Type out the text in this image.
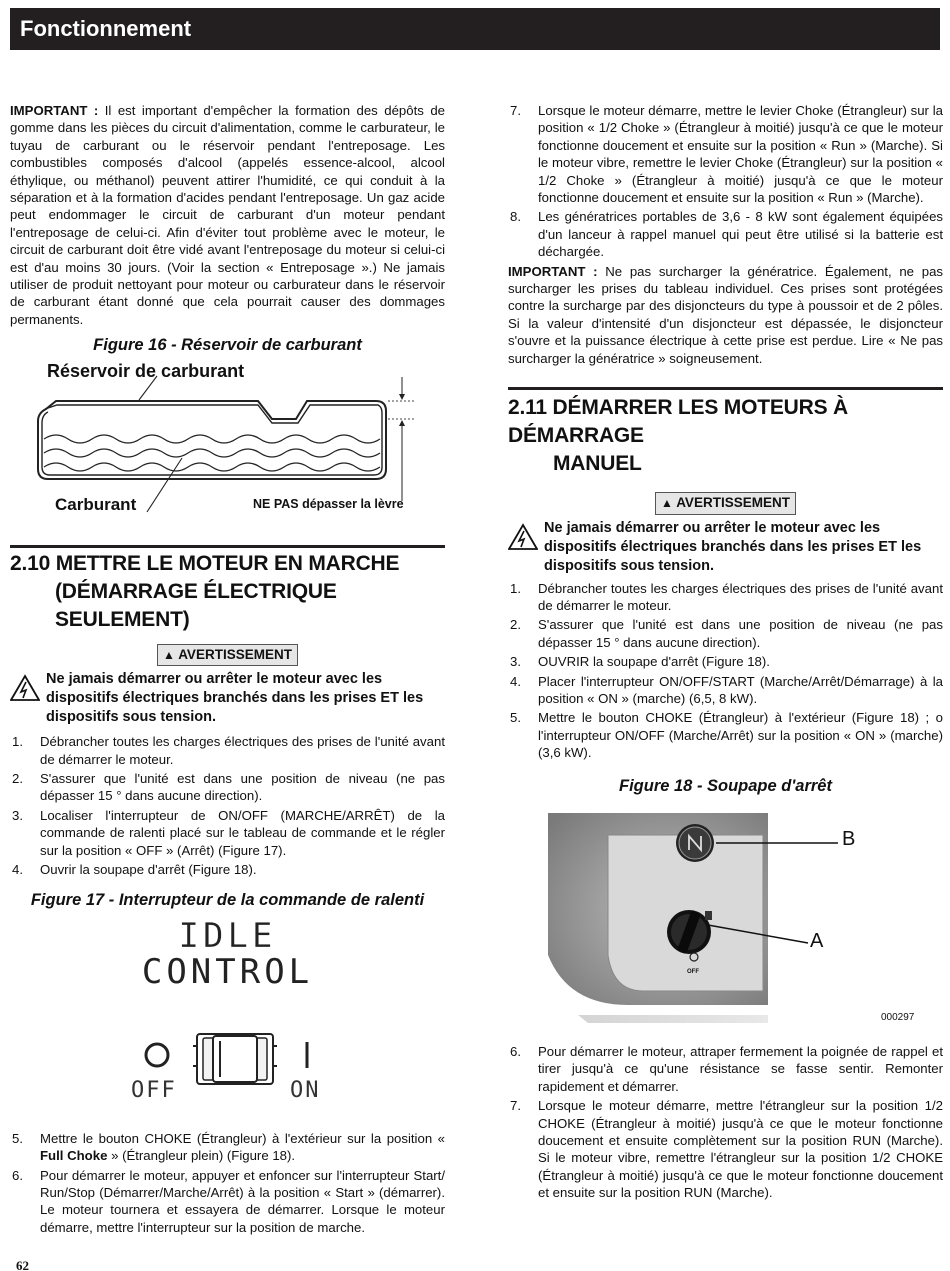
Fonctionnement

IMPORTANT : Il est important d'empêcher la formation des dépôts de gomme dans les pièces du circuit d'alimentation, comme le carburateur, le tuyau de carburant ou le réservoir pendant l'entreposage. Les combustibles composés d'alcool (appelés essence-alcool, alcool éthylique, ou méthanol) peuvent attirer l'humidité, ce qui conduit à la séparation et à la formation d'acides pendant l'entreposage. Un gaz acide peut endommager le circuit de carburant d'un moteur pendant l'entreposage de celui-ci. Afin d'éviter tout problème avec le moteur, le circuit de carburant doit être vidé avant l'entreposage du moteur si celui-ci est d'au moins 30 jours. (Voir la section « Entreposage ».) Ne jamais utiliser de produit nettoyant pour moteur ou carburateur dans le réservoir de carburant étant donné que cela pourrait causer des dommages permanents.

Figure 16 - Réservoir de carburant
Réservoir de carburant
Carburant	NE PAS dépasser la lèvre
2.10 METTRE LE MOTEUR EN MARCHE
(DÉMARRAGE ÉLECTRIQUE SEULEMENT)
▲ AVERTISSEMENT
Ne jamais démarrer ou arrêter le moteur avec les dispositifs électriques branchés dans les prises ET les dispositifs sous tension.
1. Débrancher toutes les charges électriques des prises de l'unité avant de démarrer le moteur.
2. S'assurer que l'unité est dans une position de niveau (ne pas dépasser 15 ° dans aucune direction).
3. Localiser l'interrupteur de ON/OFF (MARCHE/ARRÊT) de la commande de ralenti placé sur le tableau de commande et le régler sur la position « OFF » (Arrêt) (Figure 17).
4. Ouvrir la soupape d'arrêt (Figure 18).
Figure 17 - Interrupteur de la commande de ralenti
IDLE
CONTROL
OFF	ON
5. Mettre le bouton CHOKE (Étrangleur) à l'extérieur sur la position « Full Choke » (Étrangleur plein) (Figure 18).
6. Pour démarrer le moteur, appuyer et enfoncer sur l'interrupteur Start/ Run/Stop (Démarrer/Marche/Arrêt) à la position « Start » (démarrer). Le moteur tournera et essayera de démarrer. Lorsque le moteur démarre, mettre l'interrupteur sur la position de marche.
7. Lorsque le moteur démarre, mettre le levier Choke (Étrangleur) sur la position « 1/2 Choke » (Étrangleur à moitié) jusqu'à ce que le moteur fonctionne doucement et ensuite sur la position « Run » (Marche). Si le moteur vibre, remettre le levier Choke (Étrangleur) sur la position « 1/2 Choke » (Étrangleur à moitié) jusqu'à ce que le moteur fonctionne doucement et ensuite sur la position « Run » (Marche).
8. Les génératrices portables de 3,6 - 8 kW sont également équipées d'un lanceur à rappel manuel qui peut être utilisé si la batterie est déchargée.

IMPORTANT : Ne pas surcharger la génératrice. Également, ne pas surcharger les prises du tableau individuel. Ces prises sont protégées contre la surcharge par des disjoncteurs du type à poussoir et de 2 pôles. Si la valeur d'intensité d'un disjoncteur est dépassée, le disjoncteur s'ouvre et la puissance électrique à cette prise est perdue. Lire « Ne pas surcharger la génératrice » soigneusement.

2.11 DÉMARRER LES MOTEURS À DÉMARRAGE
MANUEL
▲ AVERTISSEMENT
Ne jamais démarrer ou arrêter le moteur avec les dispositifs électriques branchés dans les prises ET les dispositifs sous tension.
1. Débrancher toutes les charges électriques des prises de l'unité avant de démarrer le moteur.
2. S'assurer que l'unité est dans une position de niveau (ne pas dépasser 15 ° dans aucune direction).
3. OUVRIR la soupape d'arrêt (Figure 18).
4. Placer l'interrupteur ON/OFF/START (Marche/Arrêt/Démarrage) à la position « ON » (marche) (6,5, 8 kW).
5. Mettre le bouton CHOKE (Étrangleur) à l'extérieur (Figure 18) ; o l'interrupteur ON/OFF (Marche/Arrêt) sur la position « ON » (marche) (3,6 kW).
Figure 18 - Soupape d'arrêt
B
A
OFF
000297
6. Pour démarrer le moteur, attraper fermement la poignée de rappel et tirer jusqu'à ce qu'une résistance se fasse sentir. Remonter rapidement et démarrer.
7. Lorsque le moteur démarre, mettre l'étrangleur sur la position 1/2 CHOKE (Étrangleur à moitié) jusqu'à ce que le moteur fonctionne doucement et ensuite complètement sur la position RUN (Marche). Si le moteur vibre, remettre l'étrangleur sur la position 1/2 CHOKE (Étrangleur à moitié) jusqu'à ce que le moteur fonctionne doucement et ensuite sur la position RUN (Marche).
62
